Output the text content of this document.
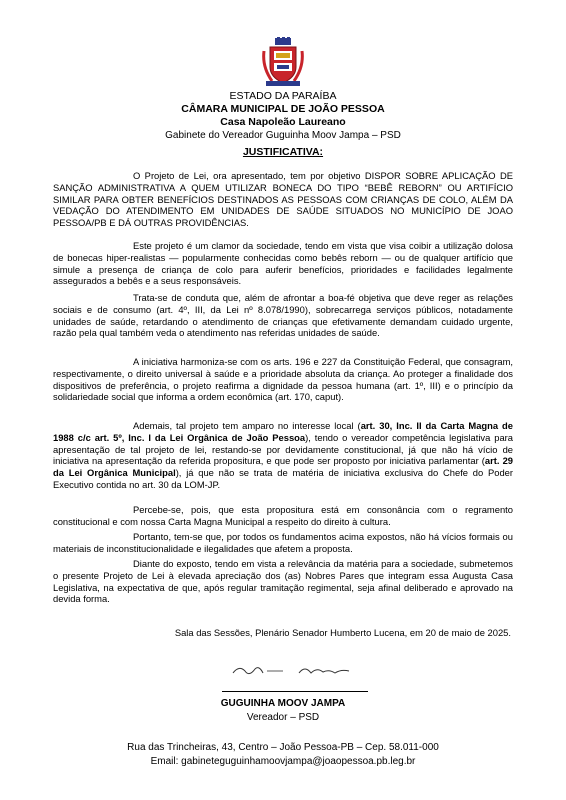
ESTADO DA PARAÍBA
CÂMARA MUNICIPAL DE JOÃO PESSOA
Casa Napoleão Laureano
Gabinete do Vereador Guguinha Moov Jampa – PSD
JUSTIFICATIVA:
O Projeto de Lei, ora apresentado, tem por objetivo DISPOR SOBRE APLICAÇÃO DE SANÇÃO ADMINISTRATIVA A QUEM UTILIZAR BONECA DO TIPO “BEBÊ REBORN” OU ARTIFÍCIO SIMILAR PARA OBTER BENEFÍCIOS DESTINADOS AS PESSOAS COM CRIANÇAS DE COLO, ALÉM DA VEDAÇÃO DO ATENDIMENTO EM UNIDADES DE SAÚDE SITUADOS NO MUNICÍPIO DE JOAO PESSOA/PB E DÁ OUTRAS PROVIDÊNCIAS.
Este projeto é um clamor da sociedade, tendo em vista que visa coibir a utilização dolosa de bonecas hiper-realistas — popularmente conhecidas como bebês reborn — ou de qualquer artifício que simule a presença de criança de colo para auferir benefícios, prioridades e facilidades legalmente assegurados a bebês e a seus responsáveis.
Trata-se de conduta que, além de afrontar a boa-fé objetiva que deve reger as relações sociais e de consumo (art. 4º, III, da Lei nº 8.078/1990), sobrecarrega serviços públicos, notadamente unidades de saúde, retardando o atendimento de crianças que efetivamente demandam cuidado urgente, razão pela qual também veda o atendimento nas referidas unidades de saúde.
A iniciativa harmoniza-se com os arts. 196 e 227 da Constituição Federal, que consagram, respectivamente, o direito universal à saúde e a prioridade absoluta da criança. Ao proteger a finalidade dos dispositivos de preferência, o projeto reafirma a dignidade da pessoa humana (art. 1º, III) e o princípio da solidariedade social que informa a ordem econômica (art. 170, caput).
Ademais, tal projeto tem amparo no interesse local (art. 30, Inc. II da Carta Magna de 1988 c/c art. 5º, Inc. I da Lei Orgânica de João Pessoa), tendo o vereador competência legislativa para apresentação de tal projeto de lei, restando-se por devidamente constitucional, já que não há vício de iniciativa na apresentação da referida propositura, e que pode ser proposto por iniciativa parlamentar (art. 29 da Lei Orgânica Municipal), já que não se trata de matéria de iniciativa exclusiva do Chefe do Poder Executivo contida no art. 30 da LOM-JP.
Percebe-se, pois, que esta propositura está em consonância com o regramento constitucional e com nossa Carta Magna Municipal a respeito do direito à cultura.
Portanto, tem-se que, por todos os fundamentos acima expostos, não há vícios formais ou materiais de inconstitucionalidade e ilegalidades que afetem a proposta.
Diante do exposto, tendo em vista a relevância da matéria para a sociedade, submetemos o presente Projeto de Lei à elevada apreciação dos (as) Nobres Pares que integram essa Augusta Casa Legislativa, na expectativa de que, após regular tramitação regimental, seja afinal deliberado e aprovado na devida forma.
Sala das Sessões, Plenário Senador Humberto Lucena, em 20 de maio de 2025.
GUGUINHA MOOV JAMPA
Vereador – PSD
Rua das Trincheiras, 43, Centro – João Pessoa-PB – Cep. 58.011-000
Email: gabineteguguinhamoovjampa@joaopessoa.pb.leg.br
